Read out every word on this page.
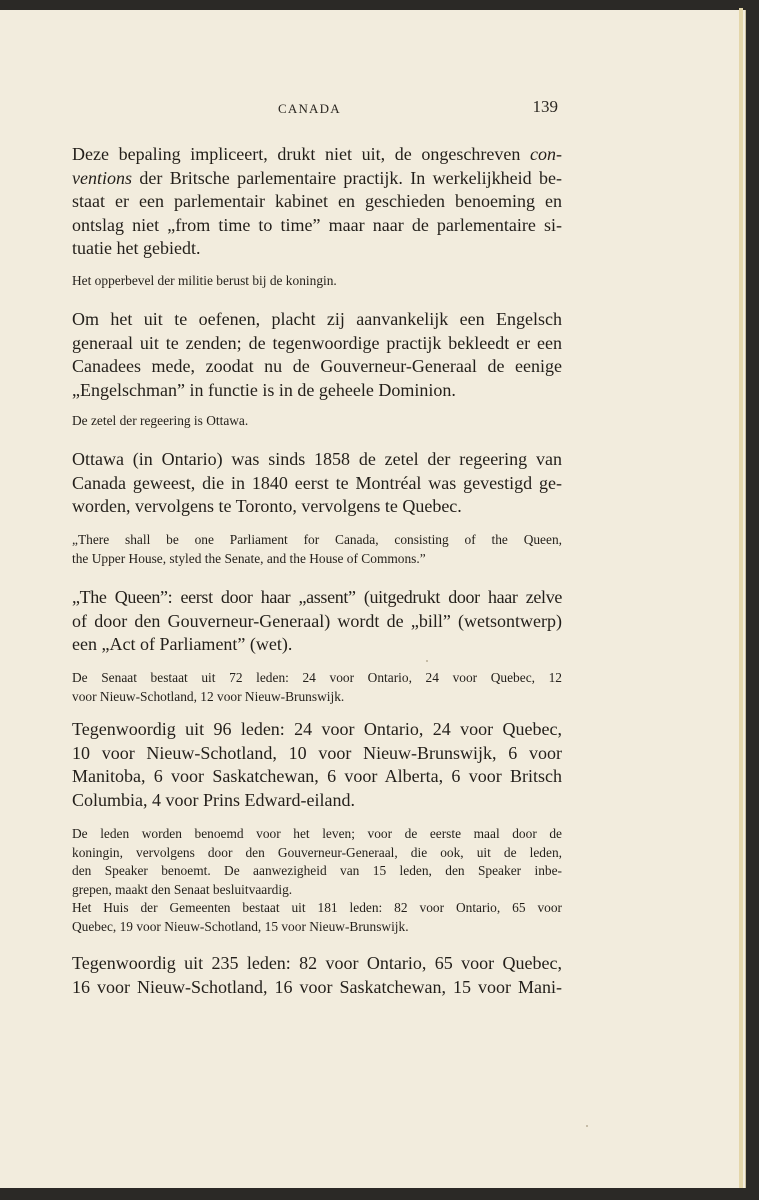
CANADA	139

Deze bepaling impliceert, drukt niet uit, de ongeschreven con-
ventions der Britsche parlementaire practijk. In werkelijkheid be-
staat er een parlementair kabinet en geschieden benoeming en
ontslag niet „from time to time” maar naar de parlementaire si-
tuatie het gebiedt.

Het opperbevel der militie berust bij de koningin.

Om het uit te oefenen, placht zij aanvankelijk een Engelsch
generaal uit te zenden; de tegenwoordige practijk bekleedt er een
Canadees mede, zoodat nu de Gouverneur-Generaal de eenige
„Engelschman” in functie is in de geheele Dominion.

De zetel der regeering is Ottawa.

Ottawa (in Ontario) was sinds 1858 de zetel der regeering van
Canada geweest, die in 1840 eerst te Montréal was gevestigd ge-
worden, vervolgens te Toronto, vervolgens te Quebec.

„There shall be one Parliament for Canada, consisting of the Queen,
the Upper House, styled the Senate, and the House of Commons.”

„The Queen”: eerst door haar „assent” (uitgedrukt door haar zelve
of door den Gouverneur-Generaal) wordt de „bill” (wetsontwerp)
een „Act of Parliament” (wet).

De Senaat bestaat uit 72 leden: 24 voor Ontario, 24 voor Quebec, 12
voor Nieuw-Schotland, 12 voor Nieuw-Brunswijk.

Tegenwoordig uit 96 leden: 24 voor Ontario, 24 voor Quebec,
10 voor Nieuw-Schotland, 10 voor Nieuw-Brunswijk, 6 voor
Manitoba, 6 voor Saskatchewan, 6 voor Alberta, 6 voor Britsch
Columbia, 4 voor Prins Edward-eiland.

De leden worden benoemd voor het leven; voor de eerste maal door de
koningin, vervolgens door den Gouverneur-Generaal, die ook, uit de leden,
den Speaker benoemt. De aanwezigheid van 15 leden, den Speaker inbe-
grepen, maakt den Senaat besluitvaardig.
Het Huis der Gemeenten bestaat uit 181 leden: 82 voor Ontario, 65 voor
Quebec, 19 voor Nieuw-Schotland, 15 voor Nieuw-Brunswijk.

Tegenwoordig uit 235 leden: 82 voor Ontario, 65 voor Quebec,
16 voor Nieuw-Schotland, 16 voor Saskatchewan, 15 voor Mani-
